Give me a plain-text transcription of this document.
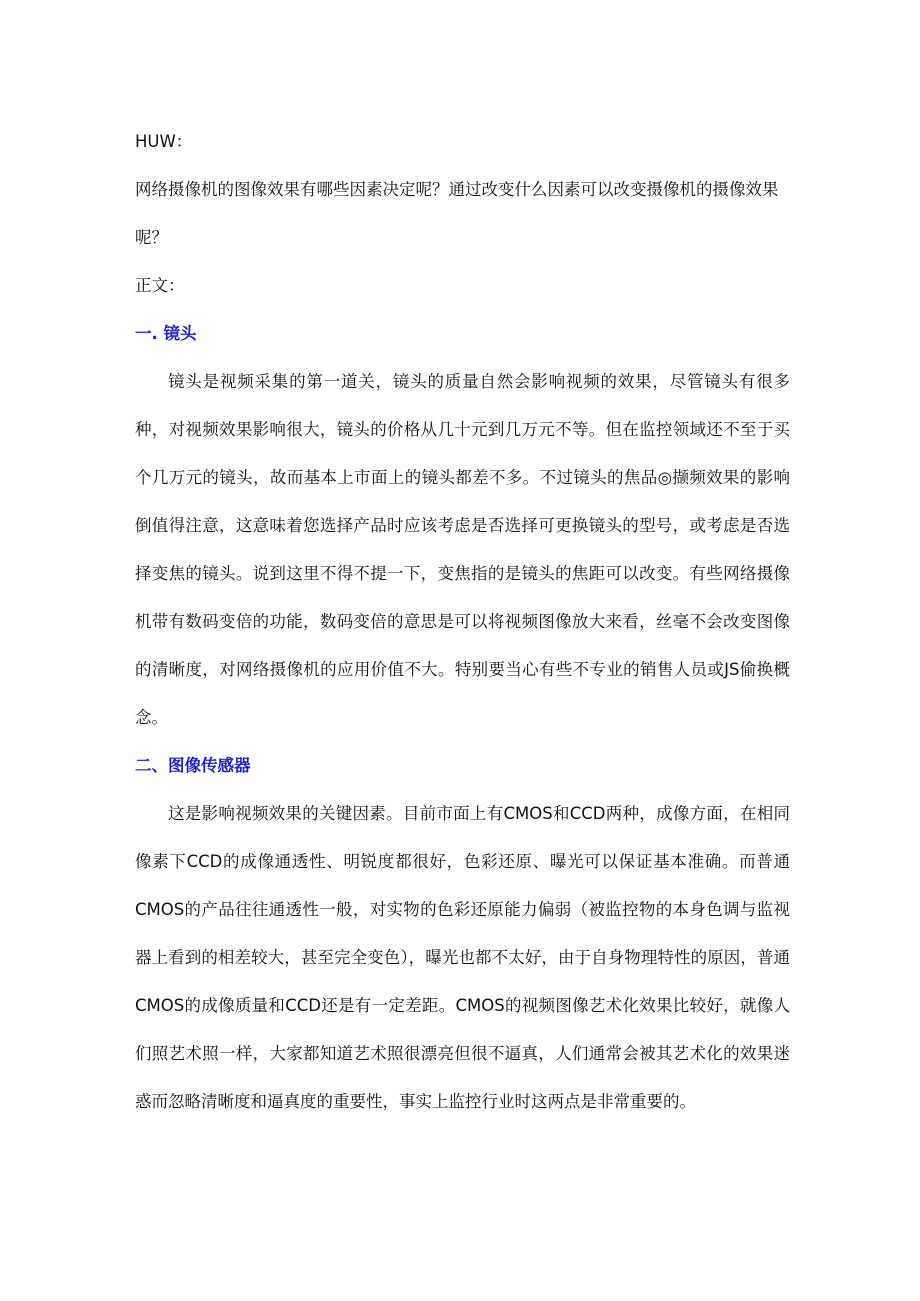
HUW：
网络摄像机的图像效果有哪些因素决定呢？通过改变什么因素可以改变摄像机的摄像效果呢？
正文：
一. 镜头

镜头是视频采集的第一道关，镜头的质量自然会影响视频的效果，尽管镜头有很多种，对视频效果影响很大，镜头的价格从几十元到几万元不等。但在监控领域还不至于买个几万元的镜头，故而基本上市面上的镜头都差不多。不过镜头的焦品◎撷频效果的影响倒值得注意，这意味着您选择产品时应该考虑是否选择可更换镜头的型号，或考虑是否选择变焦的镜头。说到这里不得不提一下，变焦指的是镜头的焦距可以改变。有些网络摄像机带有数码变倍的功能，数码变倍的意思是可以将视频图像放大来看，丝毫不会改变图像的清晰度，对网络摄像机的应用价值不大。特别要当心有些不专业的销售人员或JS偷换概念。

二、图像传感器

这是影响视频效果的关键因素。目前市面上有CMOS和CCD两种，成像方面，在相同像素下CCD的成像通透性、明锐度都很好，色彩还原、曝光可以保证基本准确。而普通CMOS的产品往往通透性一般，对实物的色彩还原能力偏弱（被监控物的本身色调与监视器上看到的相差较大，甚至完全变色），曝光也都不太好，由于自身物理特性的原因，普通CMOS的成像质量和CCD还是有一定差距。CMOS的视频图像艺术化效果比较好，就像人们照艺术照一样，大家都知道艺术照很漂亮但很不逼真，人们通常会被其艺术化的效果迷惑而忽略清晰度和逼真度的重要性，事实上监控行业时这两点是非常重要的。
